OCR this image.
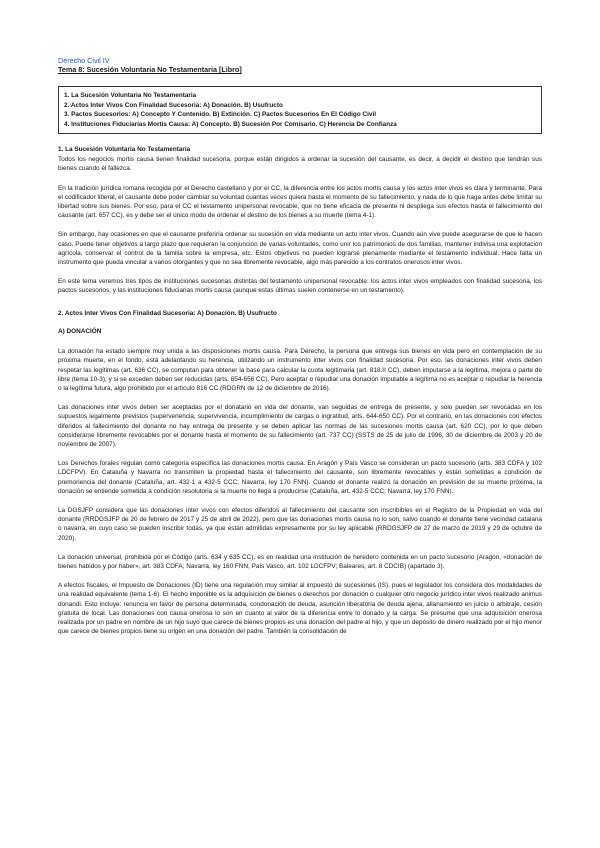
Derecho Civil IV
Tema 8: Sucesión Voluntaria No Testamentaria [Libro]
1. La Sucesión Voluntaria No Testamentaria
2. Actos Inter Vivos Con Finalidad Sucesoria: A) Donación. B) Usufructo
3. Pactos Sucesorios: A) Concepto Y Contenido. B) Extinción. C) Pactos Sucesorios En El Código Civil
4. Instituciones Fiduciarias Mortis Causa: A) Concepto. B) Sucesión Por Comisario. C) Herencia De Confianza
1. La Sucesión Voluntaria No Testamentaria

Todos los negocios mortis causa tienen finalidad sucesoria, porque están dirigidos a ordenar la sucesión del causante, es decir, a decidir el destino que tendrán sus bienes cuando él fallezca.

En la tradición jurídica romana recogida por el Derecho castellano y por el CC, la diferencia entre los actos mortis causa y los actos inter vivos es clara y terminante. Para el codificador liberal, el causante debe poder cambiar su voluntad cuantas veces quiera hasta el momento de su fallecimiento, y nada de lo que haga antes debe limitar su libertad sobre sus bienes. Por eso, para el CC el testamento unipersonal revocable, que no tiene eficacia de presente ni despliega sus efectos hasta el fallecimiento del causante (art. 657 CC), es y debe ser el único modo de ordenar el destino de los bienes a su muerte (tema 4-1).

Sin embargo, hay ocasiones en que el causante preferiría ordenar su sucesión en vida mediante un acto inter vivos. Cuando aún vive puede asegurarse de que le hacen caso. Puede tener objetivos a largo plazo que requieran la conjunción de varias voluntades, como unir los patrimonios de dos familias, mantener indivisa una explotación agrícola, conservar el control de la familia sobre la empresa, etc. Estos objetivos no pueden lograrse plenamente mediante el testamento individual. Hace falta un instrumento que pueda vincular a varios otorgantes y que no sea libremente revocable, algo más parecido a los contratos onerosos inter vivos.

En este tema veremos tres tipos de instituciones sucesorias distintas del testamento unipersonal revocable: los actos inter vivos empleados con finalidad sucesoria, los pactos sucesorios, y las instituciones fiduciarias mortis causa (aunque estas últimas suelen contenerse en un testamento).

2. Actos Inter Vivos Con Finalidad Sucesoria: A) Donación. B) Usufructo
A) DONACIÓN

La donación ha estado siempre muy unida a las disposiciones mortis causa. Para Derecho, la persona que entrega sus bienes en vida pero en contemplación de su próxima muerte, en el fondo, está adelantando su herencia, utilizando un instrumento inter vivos con finalidad sucesoria. Por eso, las donaciones inter vivos deben respetar las legítimas (art. 636 CC), se computan para obtener la base para calcular la cuota legitimaria (art. 818.II CC), deben imputarse a la legítima, mejora o parte de libre (tema 10-3), y si se exceden deben ser reducidas (arts. 654-656 CC). Pero aceptar o repudiar una donación imputable a legítima no es aceptar o repudiar la herencia o la legítima futura, algo prohibido por el artículo 816 CC (RDGRN de 12 de diciembre de 2016).

Las donaciones inter vivos deben ser aceptadas por el donatario en vida del donante, van seguidas de entrega de presente, y solo pueden ser revocadas en los supuestos legalmente previstos (supervenencia, supervivencia, incumplimiento de cargas o ingratitud, arts. 644-650 CC). Por el contrario, en las donaciones con efectos diferidos al fallecimiento del donante no hay entrega de presente y se deben aplicar las normas de las sucesiones mortis causa (art. 620 CC), por lo que deben considerarse libremente revocables por el donante hasta el momento de su fallecimiento (art. 737 CC) (SSTS de 25 de julio de 1996, 30 de diciembre de 2003 y 20 de noviembre de 2007).

Los Derechos forales regulan como categoría específica las donaciones mortis causa. En Aragón y País Vasco se consideran un pacto sucesorio (arts. 383 CDFA y 102 LDCFPV). En Cataluña y Navarra no transmiten la propiedad hasta el fallecimiento del causante, son libremente revocables y están sometidas a condición de premoriencia del donante (Cataluña, art. 432-1 a 432-5 CCC; Navarra, ley 170 FNN). Cuando el donante realizó la donación en previsión de su muerte próxima, la donación se entiende sometida a condición resolutoria si la muerte no llega a producirse (Cataluña, art. 432-5 CCC; Navarra, ley 170 FNN).

La DGSJFP considera que las donaciones inter vivos con efectos diferidos al fallecimiento del causante son inscribibles en el Registro de la Propiedad en vida del donante (RRDGSJFP de 20 de febrero de 2017 y 25 de abril de 2022), pero que las donaciones mortis causa no lo son, salvo cuando el donante tiene vecindad catalana o navarra, en cuyo caso se pueden inscribir todas, ya que están admitidas expresamente por su ley aplicable (RRDGSJFP de 27 de marzo de 2019 y 29 de octubre de 2020).

La donación universal, prohibida por el Código (arts. 634 y 635 CC), es en realidad una institución de heredero contenida en un pacto sucesorio (Aragón, «donación de bienes habidos y por haber», art. 383 CDFA; Navarra, ley 160 FNN; País Vasco, art. 102 LDCFPV; Baleares, art. 8 CDCIB) (apartado 3).

A efectos fiscales, el Impuesto de Donaciones (ID) tiene una regulación muy similar al impuesto de sucesiones (IS), pues el legislador los considera dos modalidades de una realidad equivalente (tema 1-6). El hecho imponible es la adquisición de bienes o derechos por donación o cualquier otro negocio jurídico inter vivos realizado animus donandi. Esto incluye: renuncia en favor de persona determinada, condonación de deuda, asunción liberatoria de deuda ajena, allanamiento en juicio o arbitraje, cesión gratuita de local. Las donaciones con causa onerosa lo son en cuanto al valor de la diferencia entre lo donado y la carga. Se presume que una adquisición onerosa realizada por un padre en nombre de un hijo suyo que carece de bienes propios es una donación del padre al hijo, y que un depósito de dinero realizado por el hijo menor que carece de bienes propios tiene su origen en una donación del padre. También la consolidación de
